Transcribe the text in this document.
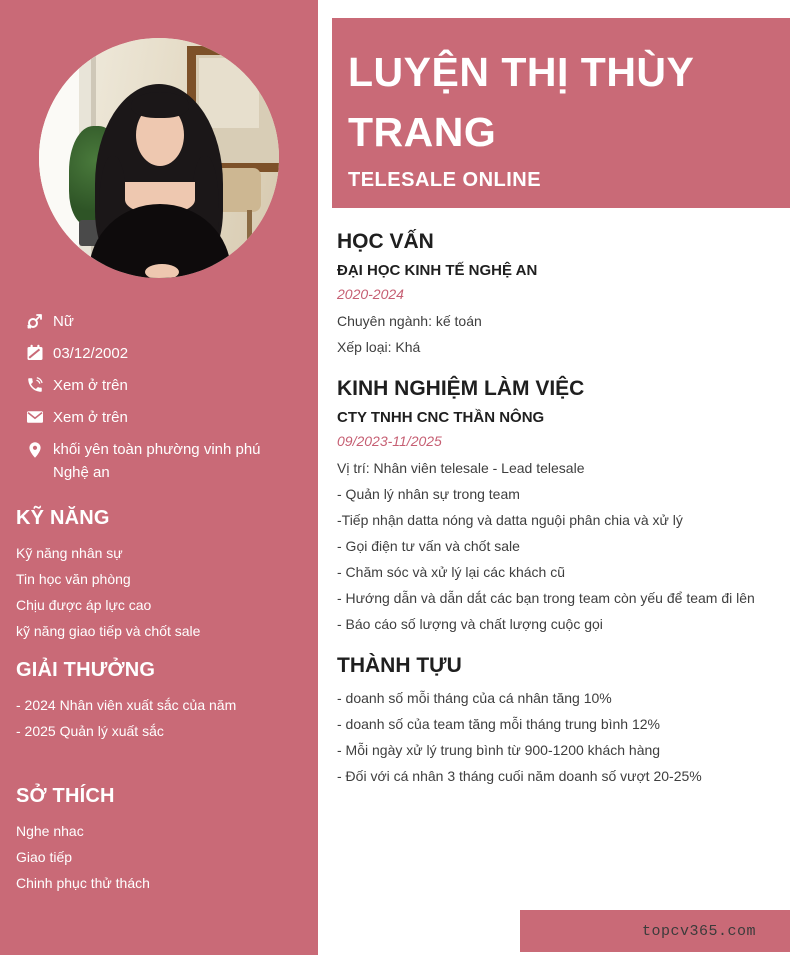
Nữ
03/12/2002
Xem ở trên
Xem ở trên
khối yên toàn phường vinh phú Nghệ an
KỸ NĂNG

Kỹ năng nhân sự

Tin học văn phòng

Chịu được áp lực cao

kỹ năng giao tiếp và chốt sale

GIẢI THƯỞNG

- 2024 Nhân viên xuất sắc của năm

- 2025 Quản lý xuất sắc

SỞ THÍCH

Nghe nhac

Giao tiếp

Chinh phục thử thách

LUYỆN THỊ THÙY TRANG
TELESALE ONLINE
HỌC VẤN
ĐẠI HỌC KINH TẾ NGHỆ AN
2020-2024

Chuyên ngành: kế toán

Xếp loại: Khá

KINH NGHIỆM LÀM VIỆC
CTY TNHH CNC THẦN NÔNG
09/2023-11/2025

Vị trí: Nhân viên telesale - Lead telesale

- Quản lý nhân sự trong team

-Tiếp nhận datta nóng và datta nguội phân chia và xử lý

- Gọi điện tư vấn và chốt sale

- Chăm sóc và xử lý lại các khách cũ

- Hướng dẫn và dẫn dắt các bạn trong team còn yếu để team đi lên

- Báo cáo số lượng và chất lượng cuộc gọi

THÀNH TỰU

- doanh số mỗi tháng của cá nhân tăng 10%

- doanh số của team tăng mỗi tháng trung bình 12%

- Mỗi ngày xử lý trung bình từ 900-1200 khách hàng

- Đối với cá nhân 3 tháng cuối năm doanh số vượt 20-25%

topcv365.com
